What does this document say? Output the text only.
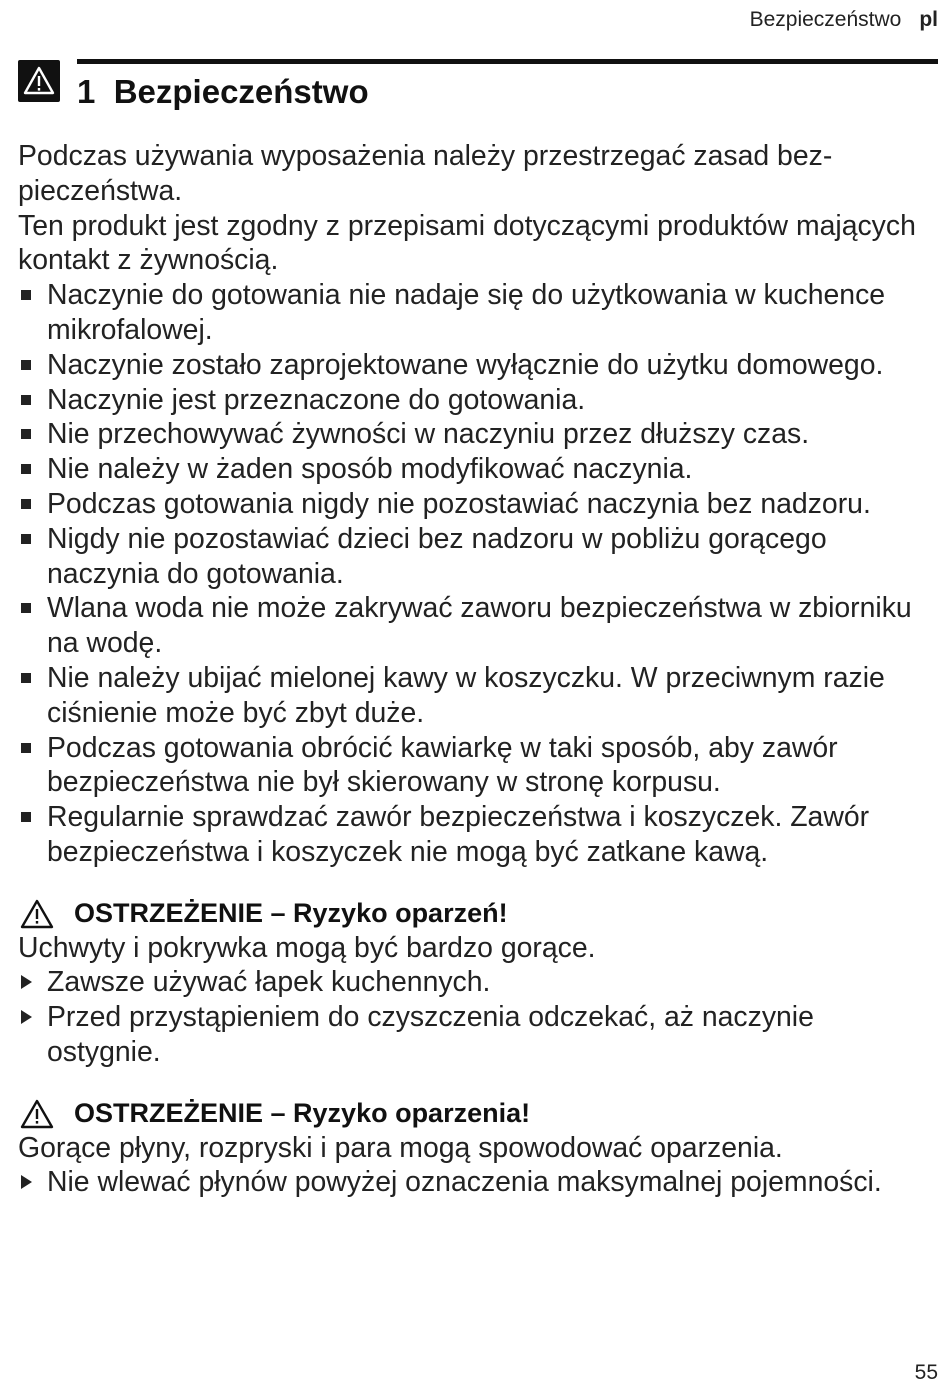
Bezpieczeństwo pl
1 Bezpieczeństwo

Podczas używania wyposażenia należy przestrzegać zasad bezpieczeństwa.

Ten produkt jest zgodny z przepisami dotyczącymi produktów mających kontakt z żywnością.

Naczynie do gotowania nie nadaje się do użytkowania w kuchence mikrofalowej.
Naczynie zostało zaprojektowane wyłącznie do użytku domowego.
Naczynie jest przeznaczone do gotowania.
Nie przechowywać żywności w naczyniu przez dłuższy czas.
Nie należy w żaden sposób modyfikować naczynia.
Podczas gotowania nigdy nie pozostawiać naczynia bez nadzoru.
Nigdy nie pozostawiać dzieci bez nadzoru w pobliżu gorącego naczynia do gotowania.
Wlana woda nie może zakrywać zaworu bezpieczeństwa w zbiorniku na wodę.
Nie należy ubijać mielonej kawy w koszyczku. W przeciwnym razie ciśnienie może być zbyt duże.
Podczas gotowania obrócić kawiarkę w taki sposób, aby zawór bezpieczeństwa nie był skierowany w stronę korpusu.
Regularnie sprawdzać zawór bezpieczeństwa i koszyczek. Zawór bezpieczeństwa i koszyczek nie mogą być zatkane kawą.
OSTRZEŻENIE – Ryzyko oparzeń!

Uchwyty i pokrywka mogą być bardzo gorące.

Zawsze używać łapek kuchennych.
Przed przystąpieniem do czyszczenia odczekać, aż naczynie ostygnie.
OSTRZEŻENIE – Ryzyko oparzenia!

Gorące płyny, rozpryski i para mogą spowodować oparzenia.

Nie wlewać płynów powyżej oznaczenia maksymalnej pojemności.
55
